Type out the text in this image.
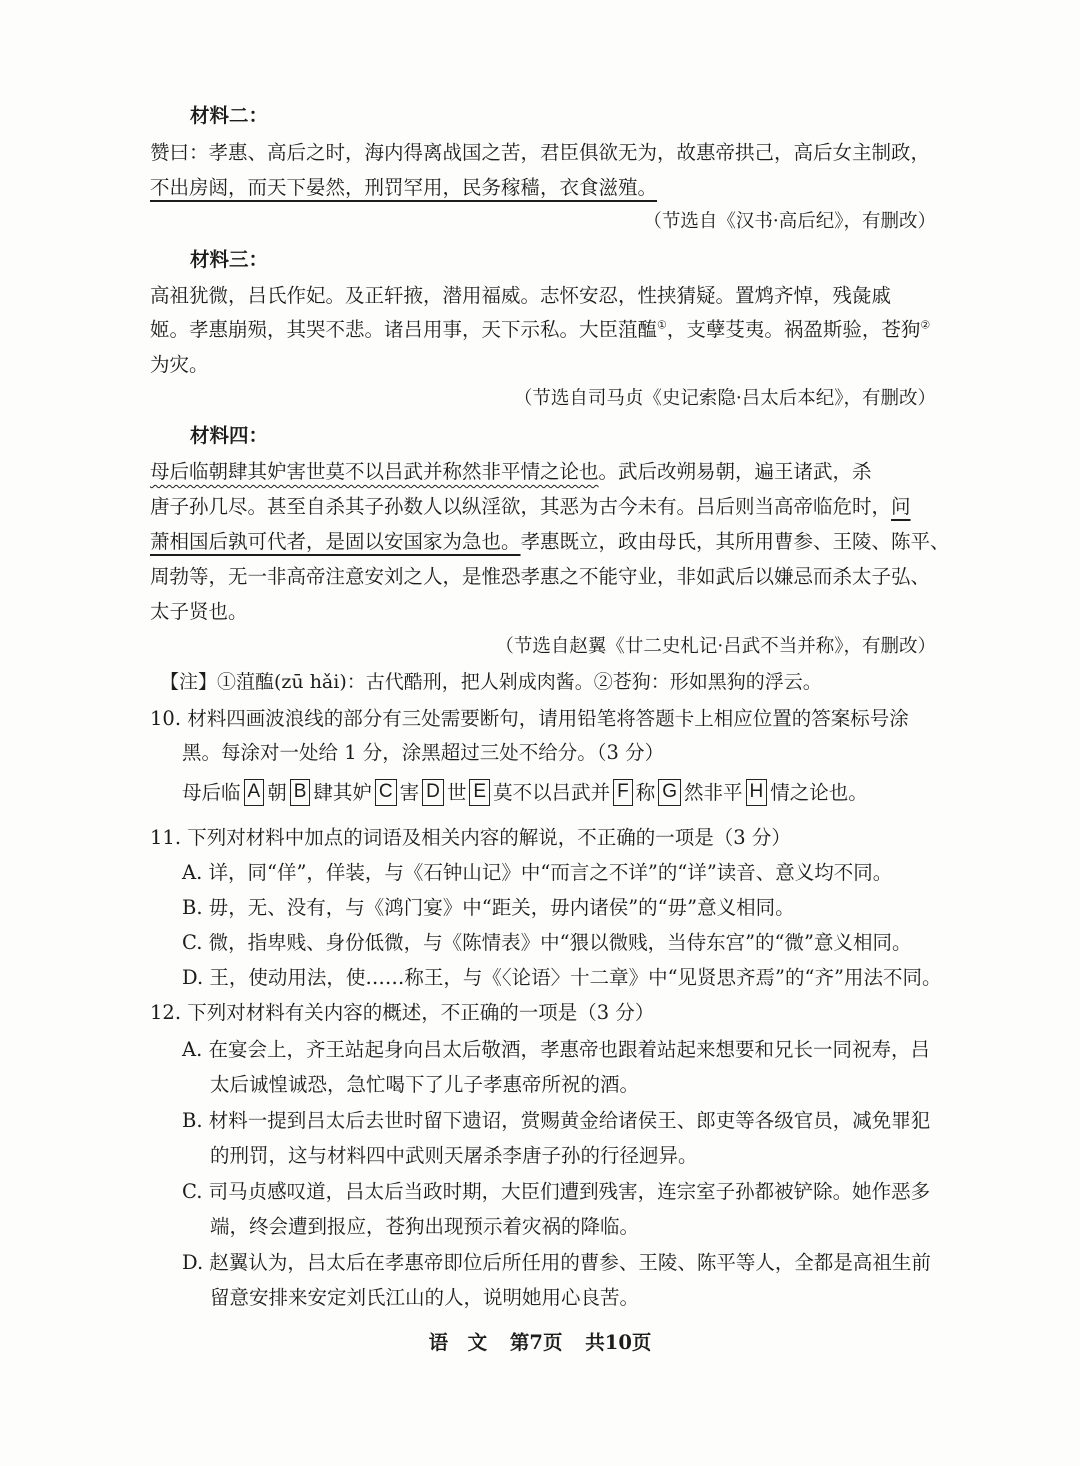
材料二：
赞曰：孝惠、高后之时，海内得离战国之苦，君臣俱欲无为，故惠帝拱己，高后女主制政，
不出房闼，而天下晏然，刑罚罕用，民务稼穑，衣食滋殖。
（节选自《汉书·高后纪》，有删改）
材料三：
高祖犹微，吕氏作妃。及正轩掖，潜用福威。志怀安忍，性挟猜疑。置鸩齐悼，残彘戚
姬。孝惠崩殒，其哭不悲。诸吕用事，天下示私。大臣菹醢①，支孽芟夷。祸盈斯验，苍狗②
为灾。
（节选自司马贞《史记索隐·吕太后本纪》，有删改）
材料四：
母后临朝肆其妒害世莫不以吕武并称然非平情之论也。武后改朔易朝，遍王诸武，杀
唐子孙几尽。甚至自杀其子孙数人以纵淫欲，其恶为古今未有。吕后则当高帝临危时，问
萧相国后孰可代者，是固以安国家为急也。孝惠既立，政由母氏，其所用曹参、王陵、陈平、
周勃等，无一非高帝注意安刘之人，是惟恐孝惠之不能守业，非如武后以嫌忌而杀太子弘、
太子贤也。
（节选自赵翼《廿二史札记·吕武不当并称》，有删改）
【注】①菹醢(zū hǎi)：古代酷刑，把人剁成肉酱。②苍狗：形如黑狗的浮云。
10. 材料四画波浪线的部分有三处需要断句，请用铅笔将答题卡上相应位置的答案标号涂
黑。每涂对一处给 1 分，涂黑超过三处不给分。（3 分）
母后临 A 朝 B 肆其妒 C 害 D 世 E 莫不以吕武并 F 称 G 然非平 H 情之论也。
11. 下列对材料中加点的词语及相关内容的解说，不正确的一项是（3 分）
A. 详，同“佯”，佯装，与《石钟山记》中“而言之不详”的“详”读音、意义均不同。
B. 毋，无、没有，与《鸿门宴》中“距关，毋内诸侯”的“毋”意义相同。
C. 微，指卑贱、身份低微，与《陈情表》中“猥以微贱，当侍东宫”的“微”意义相同。
D. 王，使动用法，使……称王，与《〈论语〉十二章》中“见贤思齐焉”的“齐”用法不同。
12. 下列对材料有关内容的概述，不正确的一项是（3 分）
A. 在宴会上，齐王站起身向吕太后敬酒，孝惠帝也跟着站起来想要和兄长一同祝寿，吕
太后诚惶诚恐，急忙喝下了儿子孝惠帝所祝的酒。
B. 材料一提到吕太后去世时留下遗诏，赏赐黄金给诸侯王、郎吏等各级官员，减免罪犯
的刑罚，这与材料四中武则天屠杀李唐子孙的行径迥异。
C. 司马贞感叹道，吕太后当政时期，大臣们遭到残害，连宗室子孙都被铲除。她作恶多
端，终会遭到报应，苍狗出现预示着灾祸的降临。
D. 赵翼认为，吕太后在孝惠帝即位后所任用的曹参、王陵、陈平等人，全都是高祖生前
留意安排来安定刘氏江山的人，说明她用心良苦。
语　文 第7页 共10页
